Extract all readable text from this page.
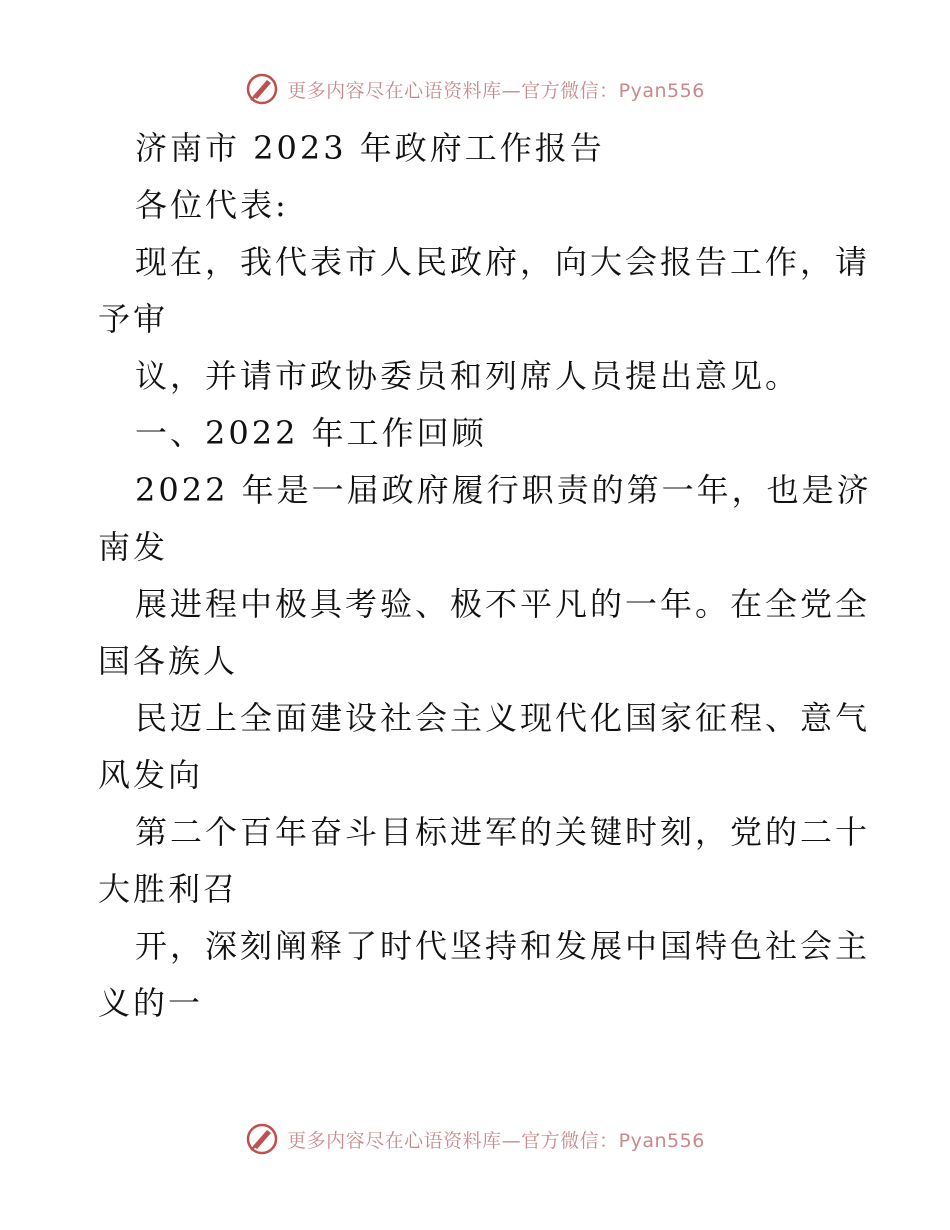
更多内容尽在心语资料库—官方微信：Pyan556
济南市 2023 年政府工作报告
各位代表:
现在，我代表市人民政府，向大会报告工作，请
予审
议，并请市政协委员和列席人员提出意见。
一、2022 年工作回顾
2022 年是一届政府履行职责的第一年，也是济
南发
展进程中极具考验、极不平凡的一年。在全党全
国各族人
民迈上全面建设社会主义现代化国家征程、意气
风发向
第二个百年奋斗目标进军的关键时刻，党的二十
大胜利召
开，深刻阐释了时代坚持和发展中国特色社会主
义的一
更多内容尽在心语资料库—官方微信：Pyan556
